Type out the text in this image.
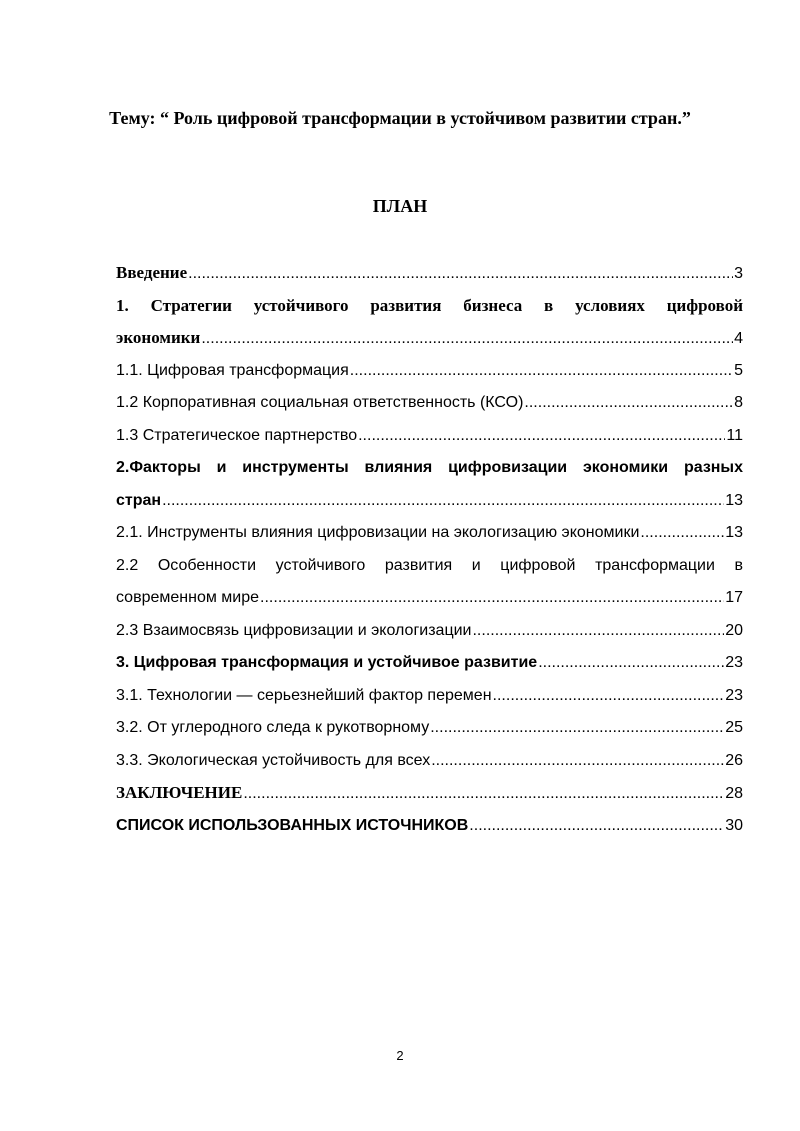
Тему: “ Роль цифровой трансформации в устойчивом развитии стран.”
ПЛАН
Введение .....	3
1. Стратегии устойчивого развития бизнеса в условиях цифровой
экономики .....	4
1.1. Цифровая трансформация .....	5
1.2 Корпоративная социальная ответственность (КСО) .....	8
1.3 Стратегическое партнерство .....	11
2.Факторы и инструменты влияния цифровизации экономики разных
стран .....	13
2.1. Инструменты влияния цифровизации на экологизацию экономики .....	13
2.2 Особенности устойчивого развития и цифровой трансформации в
современном мире .....	17
2.3 Взаимосвязь цифровизации и экологизации .....	20
3. Цифровая трансформация и устойчивое развитие .....	23
3.1. Технологии — серьезнейший фактор перемен .....	23
3.2. От углеродного следа к рукотворному .....	25
3.3. Экологическая устойчивость для всех .....	26
ЗАКЛЮЧЕНИЕ .....	28
СПИСОК ИСПОЛЬЗОВАННЫХ ИСТОЧНИКОВ .....	30
2
